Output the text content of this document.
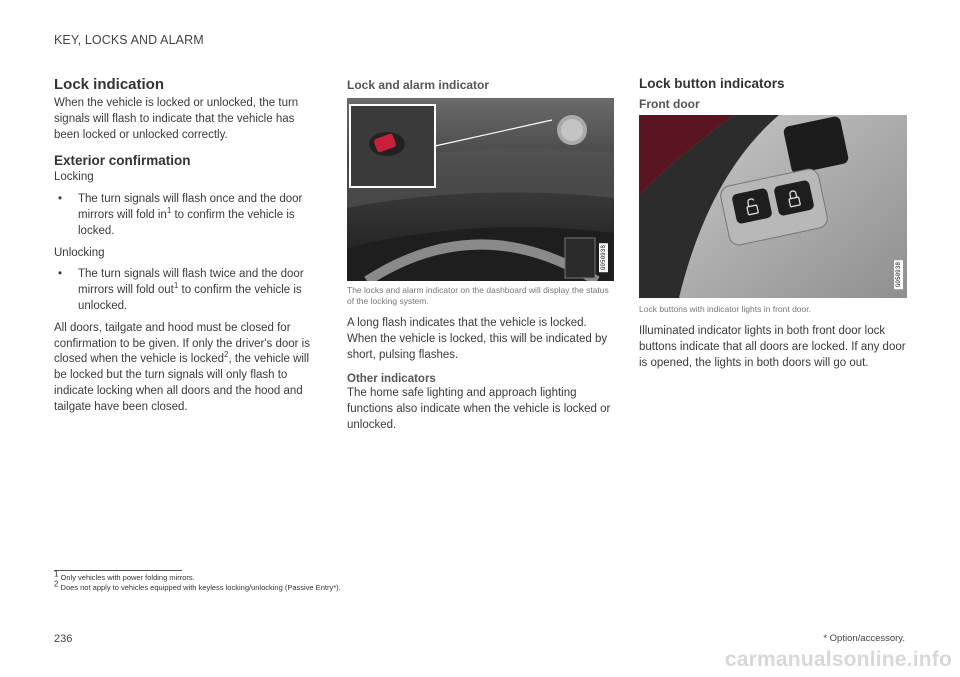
KEY, LOCKS AND ALARM
Lock indication

When the vehicle is locked or unlocked, the turn signals will flash to indicate that the vehicle has been locked or unlocked correctly.

Exterior confirmation
Locking
•	The turn signals will flash once and the door mirrors will fold $in^1$ to confirm the vehicle is locked.
Unlocking
•	The turn signals will flash twice and the door mirrors will fold out$^1$ to confirm the vehicle is unlocked.

All doors, tailgate and hood must be closed for confirmation to be given. If only the driver's door is closed when the vehicle is locked$^2$, the vehicle will be locked but the turn signals will only flash to indicate locking when all doors and the hood and tailgate have been closed.

Lock and alarm indicator
G050938
The locks and alarm indicator on the dashboard will display the status of the locking system.

A long flash indicates that the vehicle is locked. When the vehicle is locked, this will be indicated by short, pulsing flashes.

Other indicators

The home safe lighting and approach lighting functions also indicate when the vehicle is locked or unlocked.

Lock button indicators
Front door
G050938
Lock buttons with indicator lights in front door.

Illuminated indicator lights in both front door lock buttons indicate that all doors are locked. If any door is opened, the lights in both doors will go out.

$^1$ Only vehicles with power folding mirrors.
$^2$ Does not apply to vehicles equipped with keyless locking/unlocking (Passive Entry*).
236	* Option/accessory.
carmanualsonline.info
